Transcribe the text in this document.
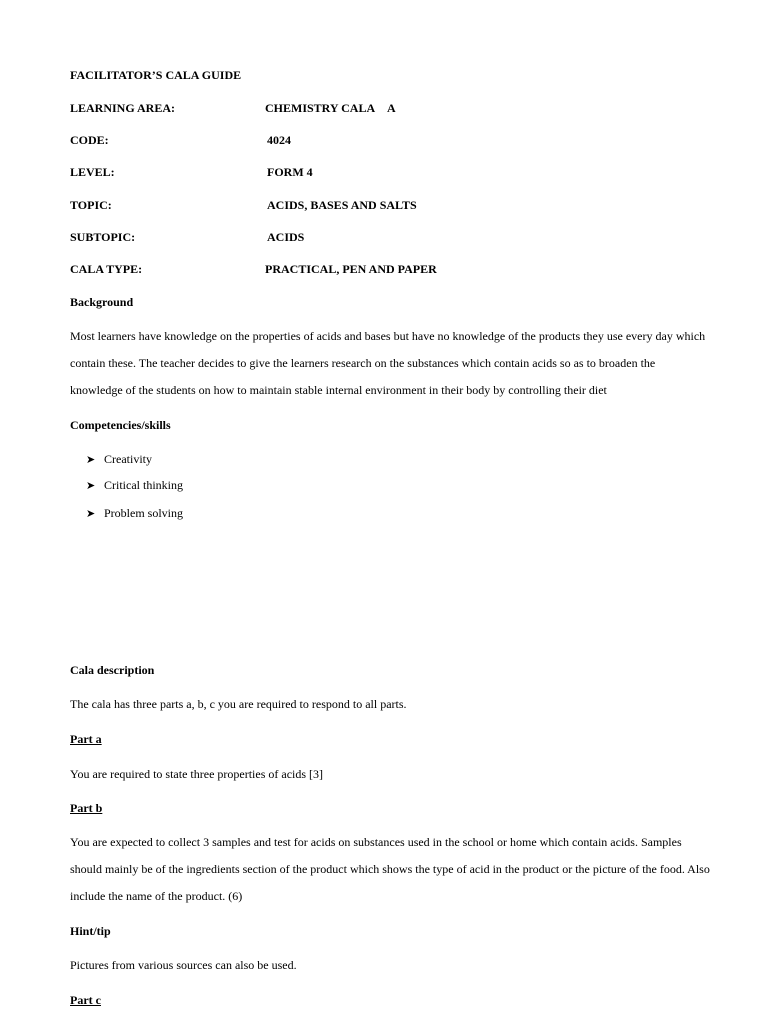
FACILITATOR’S CALA GUIDE
LEARNING AREA:	CHEMISTRY CALA A
CODE:	4024
LEVEL:	FORM 4
TOPIC:	ACIDS, BASES AND SALTS
SUBTOPIC:	ACIDS
CALA TYPE:	PRACTICAL, PEN AND PAPER
Background
Most learners have knowledge on the properties of acids and bases but have no knowledge of the products they use every day which contain these. The teacher decides to give the learners research on the substances which contain acids so as to broaden the knowledge of the students on how to maintain stable internal environment in their body by controlling their diet
Competencies/skills
➤ Creativity
➤ Critical thinking
➤ Problem solving
Cala description
The cala has three parts a, b, c you are required to respond to all parts.
Part a
You are required to state three properties of acids [3]
Part b
You are expected to collect 3 samples and test for acids on substances used in the school or home which contain acids. Samples should mainly be of the ingredients section of the product which shows the type of acid in the product or the picture of the food. Also include the name of the product. (6)
Hint/tip
Pictures from various sources can also be used.
Part c
